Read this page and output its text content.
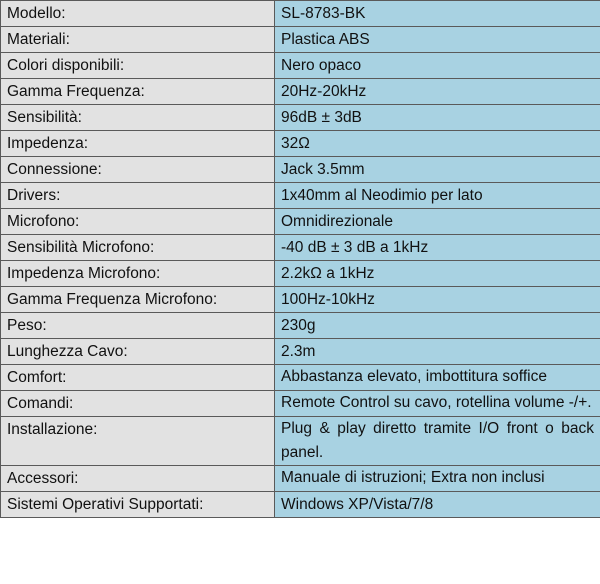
Modello:	SL-8783-BK
Materiali:	Plastica ABS
Colori disponibili:	Nero opaco
Gamma Frequenza:	20Hz-20kHz
Sensibilità:	96dB ± 3dB
Impedenza:	32Ω
Connessione:	Jack 3.5mm
Drivers:	1x40mm al Neodimio per lato
Microfono:	Omnidirezionale
Sensibilità Microfono:	-40 dB ± 3 dB a 1kHz
Impedenza Microfono:	2.2kΩ a 1kHz
Gamma Frequenza Microfono:	100Hz-10kHz
Peso:	230g
Lunghezza Cavo:	2.3m
Comfort:	Abbastanza elevato, imbottitura soffice
Comandi:	Remote Control su cavo, rotellina volume -/+.
Installazione:	Plug & play diretto tramite I/O front o back panel.
Accessori:	Manuale di istruzioni; Extra non inclusi
Sistemi Operativi Supportati:	Windows XP/Vista/7/8
